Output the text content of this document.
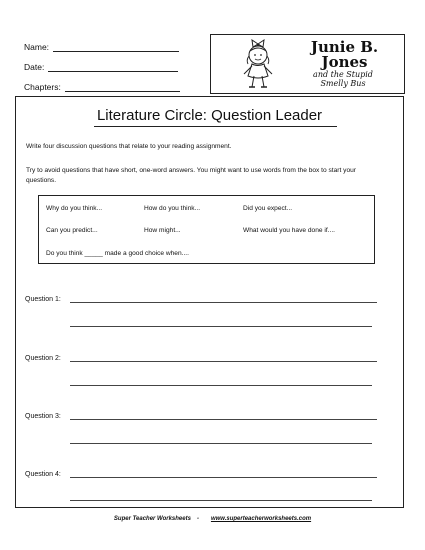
Name:
Date:
Chapters:
Junie B.
Jones
and the Stupid
Smelly Bus
Literature Circle: Question Leader
Write four discussion questions that relate to your reading assignment.
Try to avoid questions that have short, one-word answers. You might want to use words from the box to start your questions.
Why do you think...	How do you think...	Did you expect...
Can you predict...	How might...	What would you have done if....
Do you think _____ made a good choice when....
Question 1:
Question 2:
Question 3:
Question 4:
Super Teacher Worksheets - www.superteacherworksheets.com
